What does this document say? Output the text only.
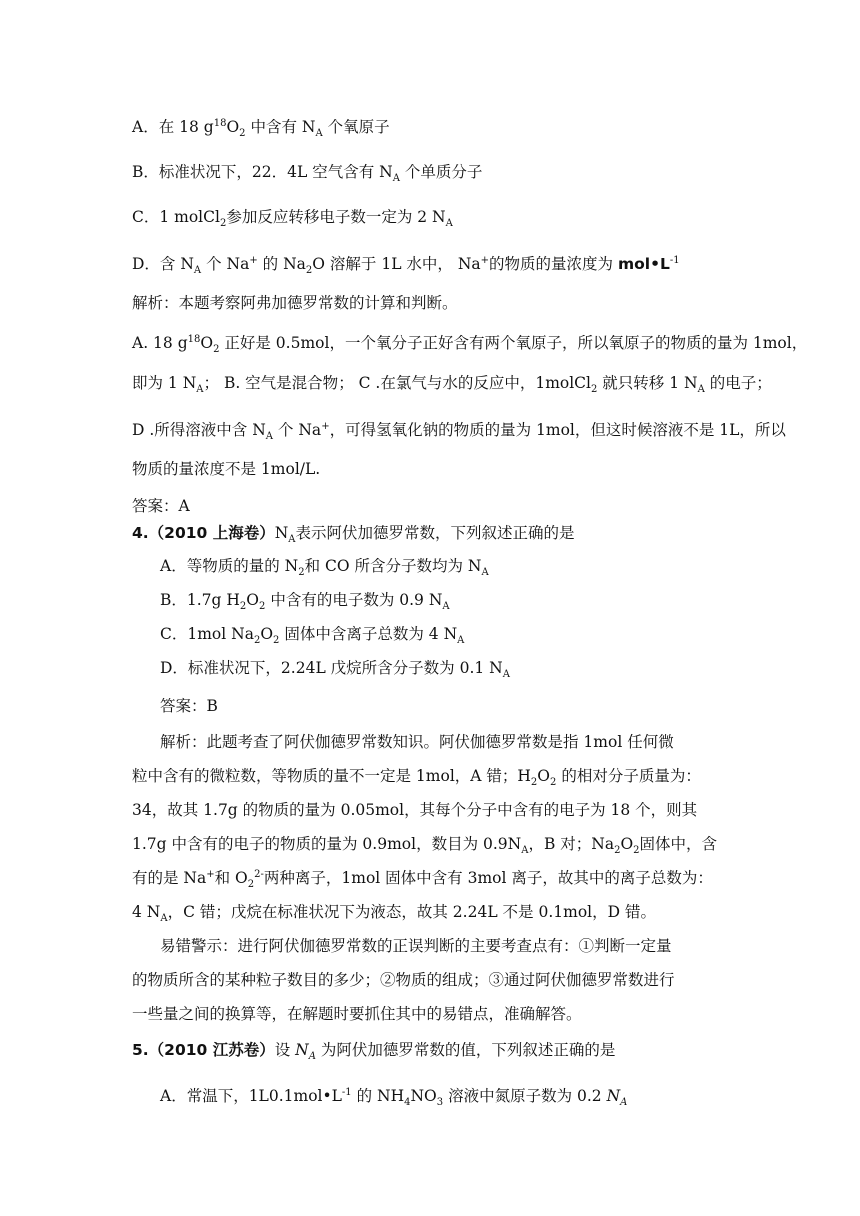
A．在 18 $g^{18}O_2$ 中含有 $N_A$ 个氧原子
B．标准状况下，22．4L 空气含有 $N_A$ 个单质分子
C．1 molCl$_2$参加反应转移电子数一定为 2 $N_A$
D．含 $N_A$ 个 Na+ 的 $Na_2O$ 溶解于 1L 水中， Na+的物质的量浓度为 $mol•L^{-1}$
解析：本题考察阿弗加德罗常数的计算和判断。
A. 18 $g^{18}O_2$ 正好是 0.5mol，一个氧分子正好含有两个氧原子，所以氧原子的物质的量为 1mol，
即为 1 $N_A$； B. 空气是混合物； C .在氯气与水的反应中，1molCl$_2$ 就只转移 1 $N_A$ 的电子；
D .所得溶液中含 $N_A$ 个 Na+，可得氢氧化钠的物质的量为 1mol，但这时候溶液不是 1L，所以
物质的量浓度不是 1mol/L.
答案：A
4.（2010 上海卷）$N_A$表示阿伏加德罗常数，下列叙述正确的是
A．等物质的量的 $N_2$和 CO 所含分子数均为 $N_A$
B．1.7g $H_2O_2$ 中含有的电子数为 0.9 $N_A$
C．1mol $Na_2O_2$ 固体中含离子总数为 4 $N_A$
D．标准状况下，2.24L 戊烷所含分子数为 0.1 $N_A$
答案：B
解析：此题考查了阿伏伽德罗常数知识。阿伏伽德罗常数是指 1mol 任何微
粒中含有的微粒数，等物质的量不一定是 1mol，A 错；$H_2O_2$ 的相对分子质量为：
34，故其 1.7g 的物质的量为 0.05mol，其每个分子中含有的电子为 18 个，则其
1.7g 中含有的电子的物质的量为 0.9mol，数目为 $0.9N_A$，B 对；$Na_2O_2$固体中，含
有的是 Na+和 $O_2^{2-}$两种离子，1mol 固体中含有 3mol 离子，故其中的离子总数为：
4 $N_A$，C 错；戊烷在标准状况下为液态，故其 2.24L 不是 0.1mol，D 错。
易错警示：进行阿伏伽德罗常数的正误判断的主要考查点有：①判断一定量
的物质所含的某种粒子数目的多少；②物质的组成；③通过阿伏伽德罗常数进行
一些量之间的换算等，在解题时要抓住其中的易错点，准确解答。
5.（2010 江苏卷）设 $N_A$ 为阿伏加德罗常数的值，下列叙述正确的是
A．常温下，$1L0.1mol•L^{-1}$ 的 $NH_4NO_3$ 溶液中氮原子数为 0.2 $N_A$
